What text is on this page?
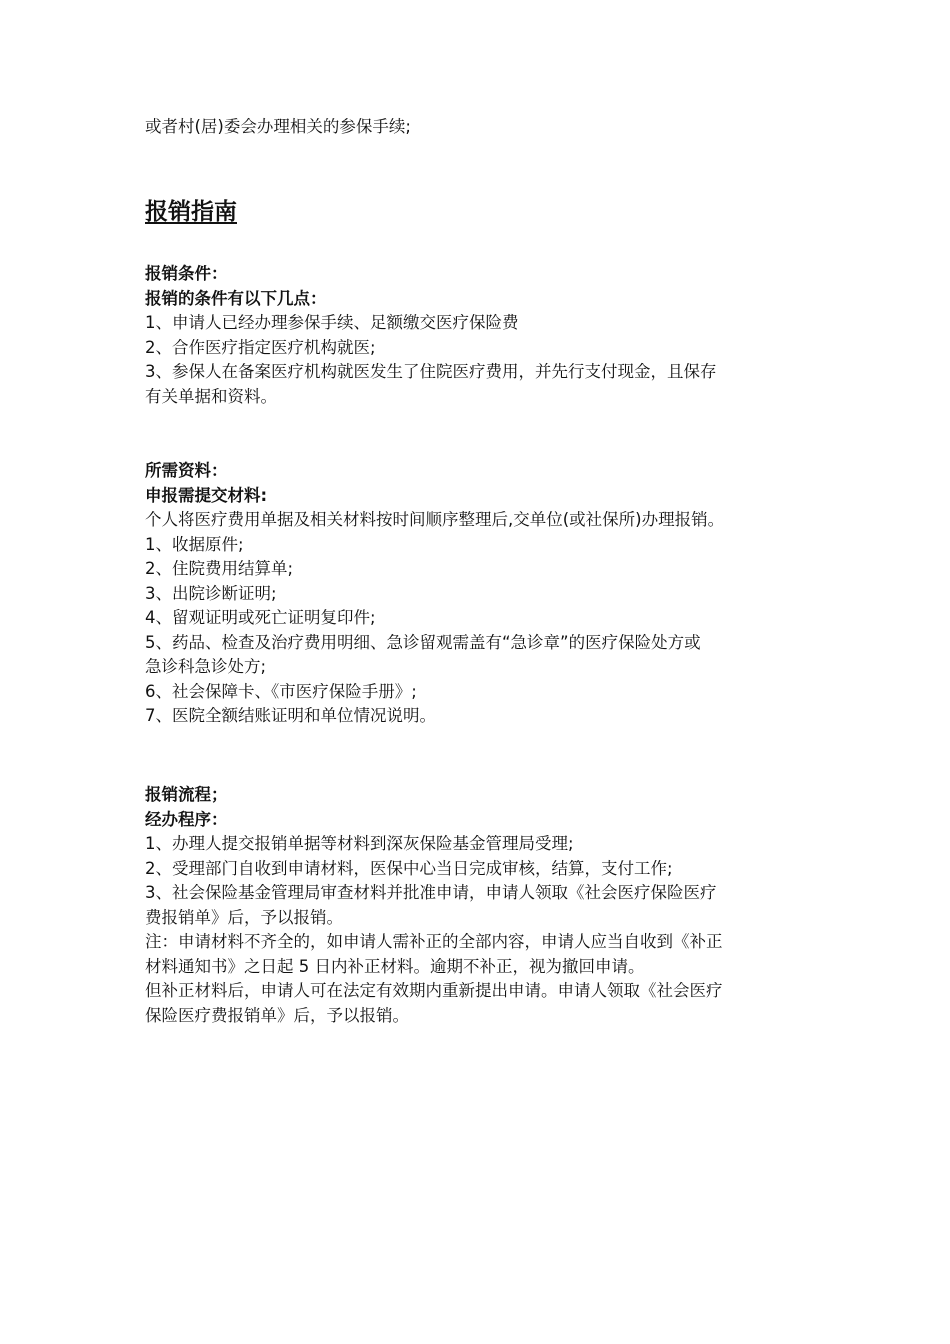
或者村(居)委会办理相关的参保手续;
报销指南
报销条件：
报销的条件有以下几点：
1、申请人已经办理参保手续、足额缴交医疗保险费
2、合作医疗指定医疗机构就医;
3、参保人在备案医疗机构就医发生了住院医疗费用，并先行支付现金，且保存
有关单据和资料。
所需资料：
申报需提交材料:
个人将医疗费用单据及相关材料按时间顺序整理后,交单位(或社保所)办理报销。
1、收据原件;
2、住院费用结算单;
3、出院诊断证明;
4、留观证明或死亡证明复印件;
5、药品、检查及治疗费用明细、急诊留观需盖有“急诊章”的医疗保险处方或
急诊科急诊处方;
6、社会保障卡、《市医疗保险手册》;
7、医院全额结账证明和单位情况说明。
报销流程；
经办程序：
1、办理人提交报销单据等材料到深灰保险基金管理局受理;
2、受理部门自收到申请材料，医保中心当日完成审核，结算，支付工作;
3、社会保险基金管理局审查材料并批准申请，申请人领取《社会医疗保险医疗
费报销单》后，予以报销。
注：申请材料不齐全的，如申请人需补正的全部内容，申请人应当自收到《补正
材料通知书》之日起 5 日内补正材料。逾期不补正，视为撤回申请。
但补正材料后，申请人可在法定有效期内重新提出申请。申请人领取《社会医疗
保险医疗费报销单》后，予以报销。
